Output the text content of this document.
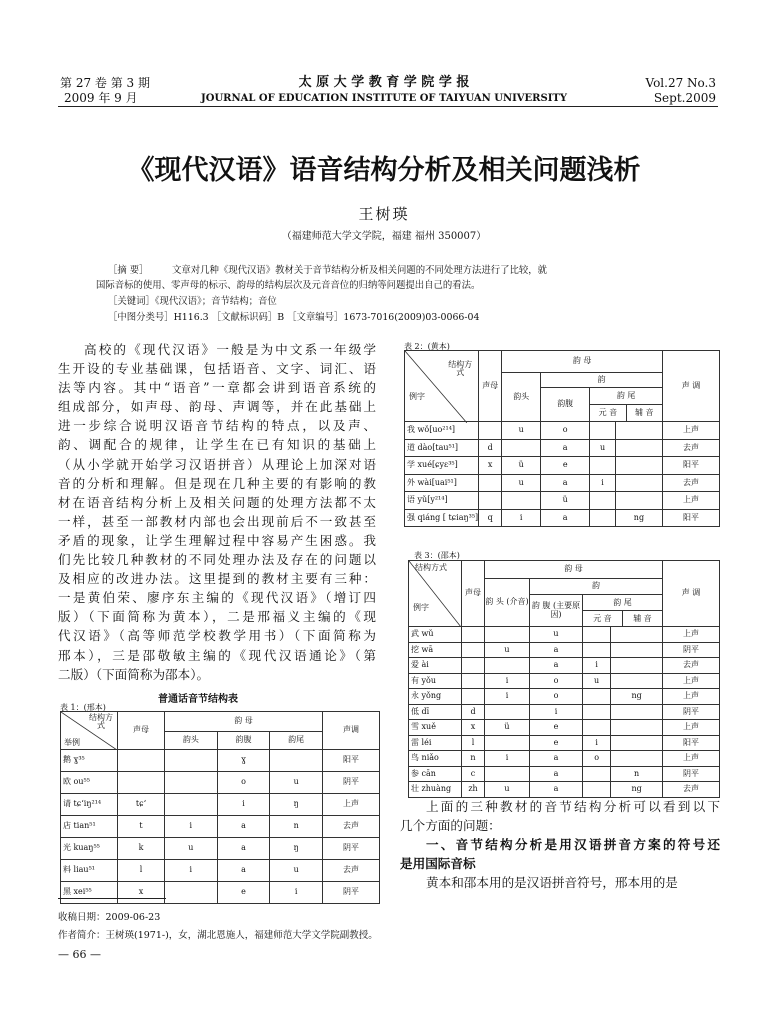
第 27 卷 第 3 期
2009 年 9 月
太 原 大 学 教 育 学 院 学 报
JOURNAL OF EDUCATION INSTITUTE OF TAIYUAN UNIVERSITY
Vol.27 No.3
Sept.2009
《现代汉语》语音结构分析及相关问题浅析
王树瑛
（福建师范大学文学院，福建 福州 350007）
［摘 要］	文章对几种《现代汉语》教材关于音节结构分析及相关问题的不同处理方法进行了比较，就
国际音标的使用、零声母的标示、韵母的结构层次及元音音位的归纳等问题提出自己的看法。
［关键词］《现代汉语》；音节结构；音位
［中图分类号］H116.3 ［文献标识码］B ［文章编号］1673-7016(2009)03-0066-04

高校的《现代汉语》一般是为中文系一年级学

生开设的专业基础课，包括语音、文字、词汇、语

法等内容。其中“语音”一章都会讲到语音系统的

组成部分，如声母、韵母、声调等，并在此基础上

进一步综合说明汉语音节结构的特点，以及声、

韵、调配合的规律，让学生在已有知识的基础上

（从小学就开始学习汉语拼音）从理论上加深对语

音的分析和理解。但是现在几种主要的有影响的教

材在语音结构分析上及相关问题的处理方法都不太

一样，甚至一部教材内部也会出现前后不一致甚至

矛盾的现象，让学生理解过程中容易产生困惑。我

们先比较几种教材的不同处理办法及存在的问题以

及相应的改进办法。这里提到的教材主要有三种：

一是黄伯荣、廖序东主编的《现代汉语》（增订四

版）（下面简称为黄本），二是邢福义主编的《现

代汉语》（高等师范学校教学用书）（下面简称为

邢本），三是邵敬敏主编的《现代汉语通论》（第

二版）（下面简称为邵本）。

普通话音节结构表
表 1：(邢本)
结构方式
举例	声母	韵 母			声调
		韵头	韵腹	韵尾	
鹅 ɣ³⁵			ɣ		阳平
欧 ou⁵⁵			o	u	阴平
请 tɕ‘iŋ²¹⁴	tɕ‘		i	ŋ	上声
店 tian⁵¹	t	i	a	n	去声
光 kuaŋ⁵⁵	k	u	a	ŋ	阴平
料 liau⁵¹	l	i	a	u	去声
黑 xei⁵⁵	x		e	i	阴平
表 2：(黄本)
结构方式
例字	声母	韵 母				声 调
		韵头	韵			
			韵腹	韵 尾
元 音 辅 音		

我 wǒ[uo²¹⁴]		u	o			上声
道 dào[tau⁵¹]	d		a	u		去声
学 xué[ɕyɛ³⁵]	x	ü	e			阳平
外 wài[uai⁵¹]		u	a	i		去声
语 yǔ[y²¹⁴]			ü			上声
强 qiáng [ tɕiaŋ³⁵]	q	i	a		ng	阳平
表 3：(邵本)
结构方式
例字	声母	韵 母				声 调
		韵 头 (介音)	韵			
			韵 腹 (主要原因)	韵 尾
元 音 辅 音		

武 wǔ			u			上声
挖 wā		u	a			阴平
爱 ài			a	i		去声
有 yǒu		i	o	u		上声
永 yǒng		i	o		ng	上声
低 dī	d		i			阴平
雪 xuě	x	ü	e			上声
雷 léi	l		e	i		阳平
鸟 niǎo	n	i	a	o		上声
参 cān	c		a		n	阴平
壮 zhuàng	zh	u	a		ng	去声

上面的三种教材的音节结构分析可以看到以下

几个方面的问题：

一、音节结构分析是用汉语拼音方案的符号还

是用国际音标

黄本和邵本用的是汉语拼音符号，邢本用的是

收稿日期：2009-06-23
作者简介：王树瑛(1971-)，女，湖北恩施人，福建师范大学文学院副教授。
— 66 —
